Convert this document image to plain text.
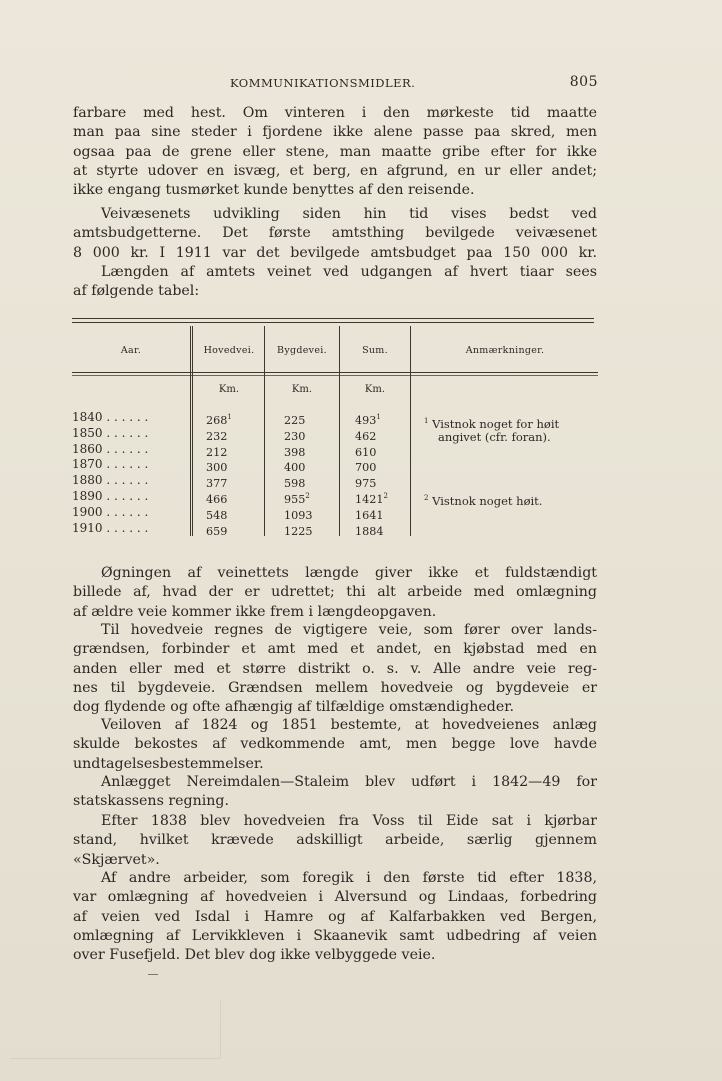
KOMMUNIKATIONSMIDLER.	805

farbare med hest. Om vinteren i den mørkeste tid maatte
man paa sine steder i fjordene ikke alene passe paa skred, men
ogsaa paa de grene eller stene, man maatte gribe efter for ikke
at styrte udover en isvæg, et berg, en afgrund, en ur eller andet;
ikke engang tusmørket kunde benyttes af den reisende.

Veivæsenets udvikling siden hin tid vises bedst ved
amtsbudgetterne. Det første amtsthing bevilgede veivæsenet
8 000 kr. I 1911 var det bevilgede amtsbudget paa 150 000 kr.
Længden af amtets veinet ved udgangen af hvert tiaar sees
af følgende tabel:

Aar.	Hovedvei.	Bygdevei.	Sum.	Anmærkninger.
Km.	Km.	Km.
1840 . . . . . .	$268^1$	225	$493^1$
1850 . . . . . .	232	230	462
1860 . . . . . .	212	398	610
1870 . . . . . .	300	400	700
1880 . . . . . .	377	598	975
1890 . . . . . .	466	$955^2$	1421$^2$
1900 . . . . . .	548	1093	1641
1910 . . . . . .	659	1225	1884
$^1$ Vistnok noget for høit
angivet (cfr. foran).
$^2$ Vistnok noget høit.

Øgningen af veinettets længde giver ikke et fuldstændigt
billede af, hvad der er udrettet; thi alt arbeide med omlægning
af ældre veie kommer ikke frem i længdeopgaven.

Til hovedveie regnes de vigtigere veie, som fører over lands-
grændsen, forbinder et amt med et andet, en kjøbstad med en
anden eller med et større distrikt o. s. v. Alle andre veie reg-
nes til bygdeveie. Grændsen mellem hovedveie og bygdeveie er
dog flydende og ofte afhængig af tilfældige omstændigheder.

Veiloven af 1824 og 1851 bestemte, at hovedveienes anlæg
skulde bekostes af vedkommende amt, men begge love havde
undtagelsesbestemmelser.

Anlægget Nereimdalen—Staleim blev udført i 1842—49 for
statskassens regning.

Efter 1838 blev hovedveien fra Voss til Eide sat i kjørbar
stand, hvilket krævede adskilligt arbeide, særlig gjennem
«Skjærvet».

Af andre arbeider, som foregik i den første tid efter 1838,
var omlægning af hovedveien i Alversund og Lindaas, forbedring
af veien ved Isdal i Hamre og af Kalfarbakken ved Bergen,
omlægning af Lervikkleven i Skaanevik samt udbedring af veien
over Fusefjeld. Det blev dog ikke velbyggede veie.
